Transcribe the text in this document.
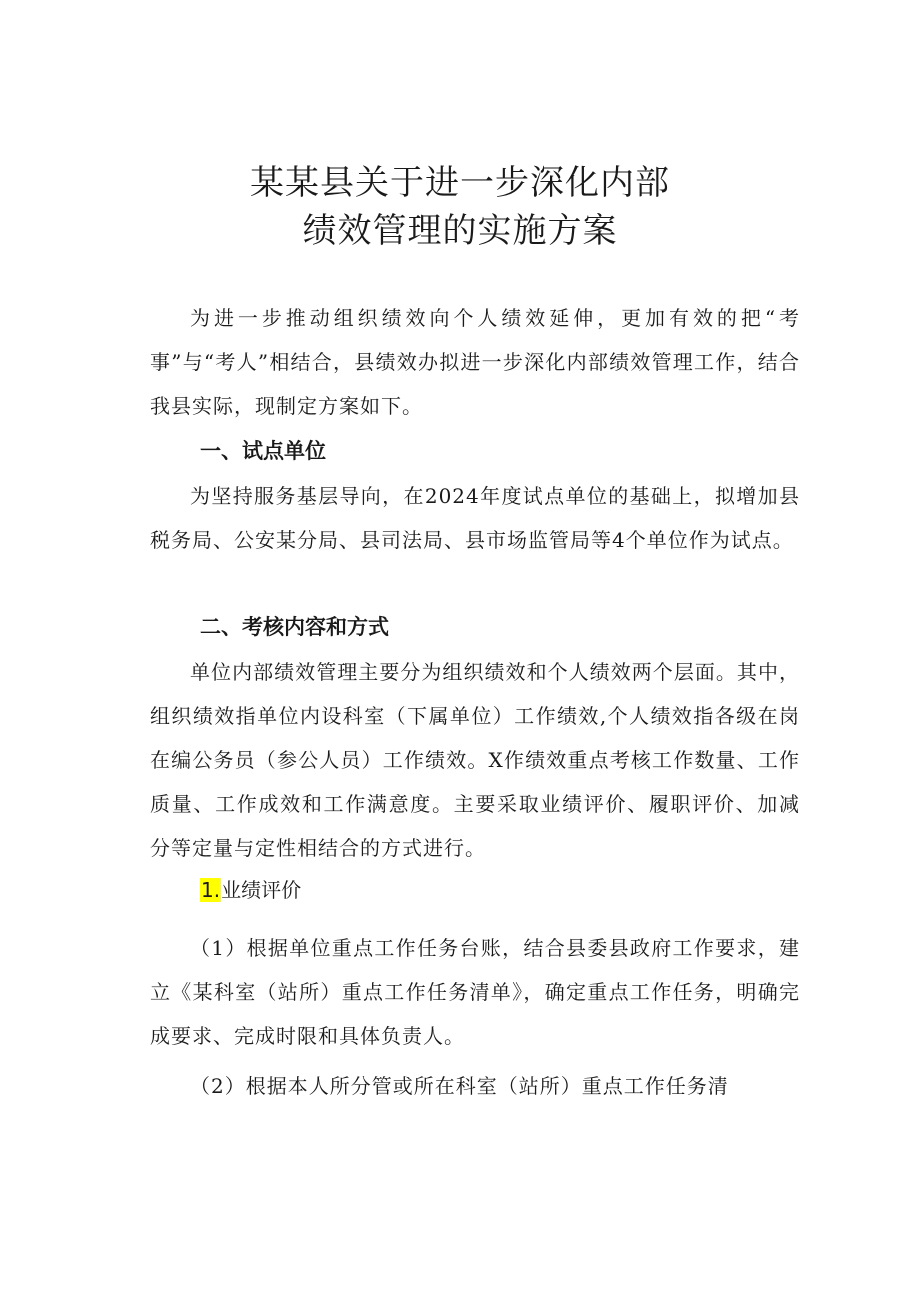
某某县关于进一步深化内部
绩效管理的实施方案

为进一步推动组织绩效向个人绩效延伸，更加有效的把“考事”与“考人”相结合，县绩效办拟进一步深化内部绩效管理工作，结合我县实际，现制定方案如下。

一、试点单位

为坚持服务基层导向，在2024年度试点单位的基础上，拟增加县税务局、公安某分局、县司法局、县市场监管局等4个单位作为试点。

二、考核内容和方式

单位内部绩效管理主要分为组织绩效和个人绩效两个层面。其中，组织绩效指单位内设科室（下属单位）工作绩效,个人绩效指各级在岗在编公务员（参公人员）工作绩效。X作绩效重点考核工作数量、工作质量、工作成效和工作满意度。主要采取业绩评价、履职评价、加减分等定量与定性相结合的方式进行。

1.业绩评价

（1）根据单位重点工作任务台账，结合县委县政府工作要求，建立《某科室（站所）重点工作任务清单》，确定重点工作任务，明确完成要求、完成时限和具体负责人。

（2）根据本人所分管或所在科室（站所）重点工作任务清
